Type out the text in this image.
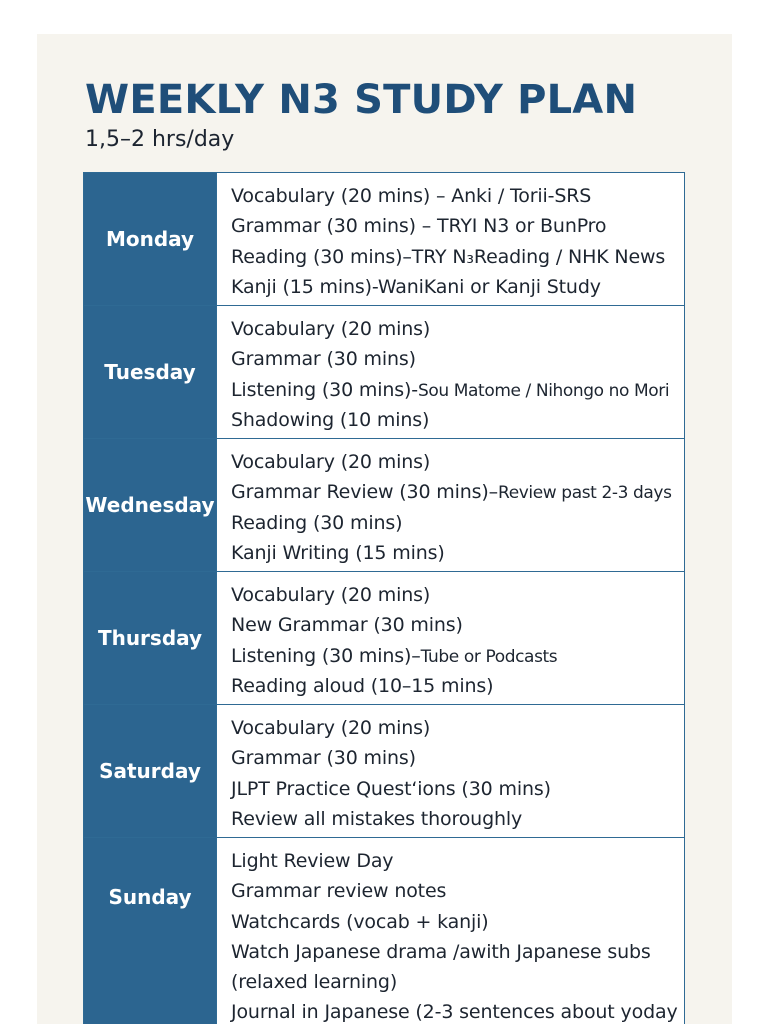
WEEKLY N3 STUDY PLAN

1,5–2 hrs/day

Monday
Vocabulary (20 mins) – Anki / Torii-SRS
Grammar (30 mins) – TRYI N3 or BunPro
Reading (30 mins)–TRY N₃Reading / NHK News
Kanji (15 mins)-WaniKani or Kanji Study
Tuesday
Vocabulary (20 mins)
Grammar (30 mins)
Listening (30 mins)-Sou Matome / Nihongo no Mori
Shadowing (10 mins)
Wednesday
Vocabulary (20 mins)
Grammar Review (30 mins)–Review past 2-3 days
Reading (30 mins)
Kanji Writing (15 mins)
Thursday
Vocabulary (20 mins)
New Grammar (30 mins)
Listening (30 mins)–Tube or Podcasts
Reading aloud (10–15 mins)
Saturday
Vocabulary (20 mins)
Grammar (30 mins)
JLPT Practice Quest‘ions (30 mins)
Review all mistakes thoroughly
Sunday
Light Review Day
Grammar review notes
Watchcards (vocab + kanji)
Watch Japanese drama /awith Japanese subs
(relaxed learning)
Journal in Japanese (2-3 sentences about yoday
